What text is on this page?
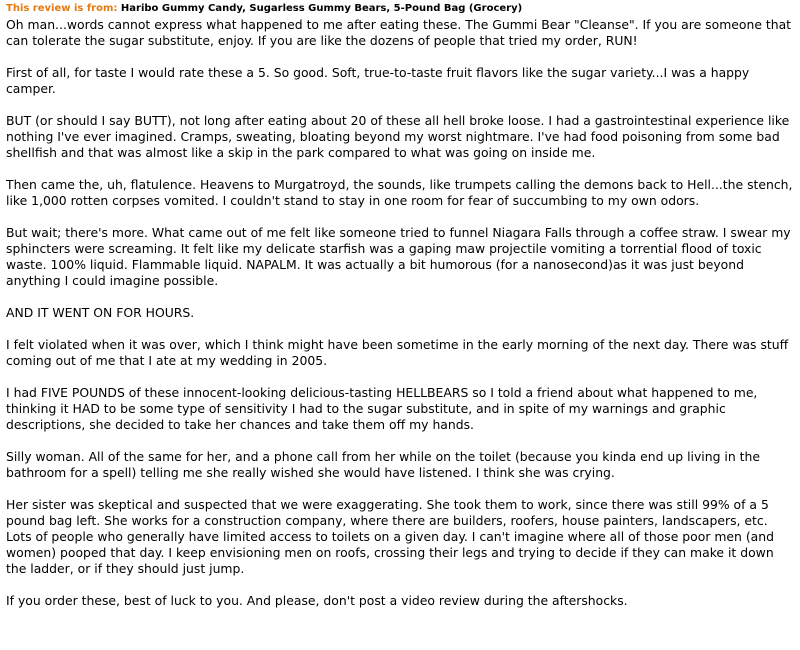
This review is from: Haribo Gummy Candy, Sugarless Gummy Bears, 5-Pound Bag (Grocery)

Oh man...words cannot express what happened to me after eating these. The Gummi Bear "Cleanse". If you are someone that can tolerate the sugar substitute, enjoy. If you are like the dozens of people that tried my order, RUN!

First of all, for taste I would rate these a 5. So good. Soft, true-to-taste fruit flavors like the sugar variety...I was a happy camper.

BUT (or should I say BUTT), not long after eating about 20 of these all hell broke loose. I had a gastrointestinal experience like nothing I've ever imagined. Cramps, sweating, bloating beyond my worst nightmare. I've had food poisoning from some bad shellfish and that was almost like a skip in the park compared to what was going on inside me.

Then came the, uh, flatulence. Heavens to Murgatroyd, the sounds, like trumpets calling the demons back to Hell...the stench, like 1,000 rotten corpses vomited. I couldn't stand to stay in one room for fear of succumbing to my own odors.

But wait; there's more. What came out of me felt like someone tried to funnel Niagara Falls through a coffee straw. I swear my sphincters were screaming. It felt like my delicate starfish was a gaping maw projectile vomiting a torrential flood of toxic waste. 100% liquid. Flammable liquid. NAPALM. It was actually a bit humorous (for a nanosecond)as it was just beyond anything I could imagine possible.

AND IT WENT ON FOR HOURS.

I felt violated when it was over, which I think might have been sometime in the early morning of the next day. There was stuff coming out of me that I ate at my wedding in 2005.

I had FIVE POUNDS of these innocent-looking delicious-tasting HELLBEARS so I told a friend about what happened to me, thinking it HAD to be some type of sensitivity I had to the sugar substitute, and in spite of my warnings and graphic descriptions, she decided to take her chances and take them off my hands.

Silly woman. All of the same for her, and a phone call from her while on the toilet (because you kinda end up living in the bathroom for a spell) telling me she really wished she would have listened. I think she was crying.

Her sister was skeptical and suspected that we were exaggerating. She took them to work, since there was still 99% of a 5 pound bag left. She works for a construction company, where there are builders, roofers, house painters, landscapers, etc. Lots of people who generally have limited access to toilets on a given day. I can't imagine where all of those poor men (and women) pooped that day. I keep envisioning men on roofs, crossing their legs and trying to decide if they can make it down the ladder, or if they should just jump.

If you order these, best of luck to you. And please, don't post a video review during the aftershocks.
